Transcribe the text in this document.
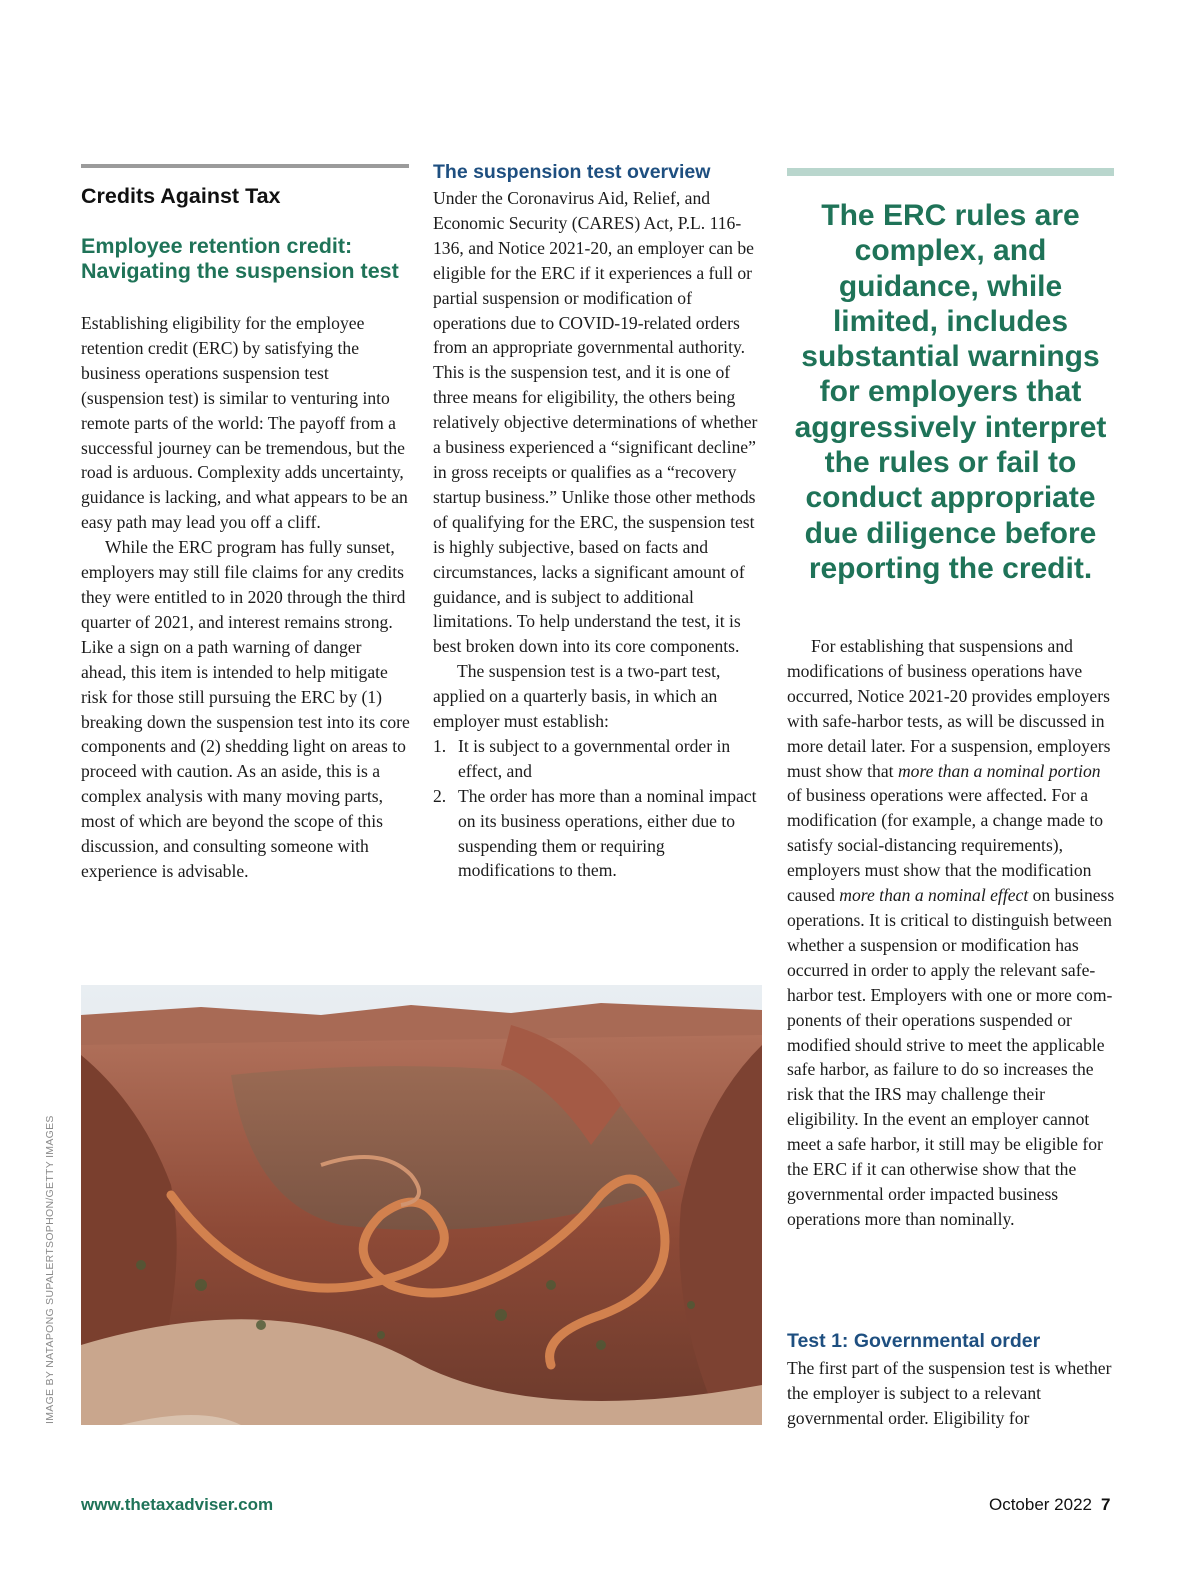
Credits Against Tax
Employee retention credit: Navigating the suspension test

Establishing eligibility for the employee retention credit (ERC) by satisfying the business operations suspension test (suspension test) is similar to venturing into remote parts of the world: The payoff from a successful journey can be tremendous, but the road is arduous. Complexity adds uncertainty, guidance is lacking, and what appears to be an easy path may lead you off a cliff.

While the ERC program has fully sunset, employers may still file claims for any credits they were entitled to in 2020 through the third quarter of 2021, and interest remains strong. Like a sign on a path warning of danger ahead, this item is intended to help mitigate risk for those still pursuing the ERC by (1) breaking down the suspension test into its core components and (2) shedding light on areas to proceed with caution. As an aside, this is a complex analysis with many moving parts, most of which are beyond the scope of this discussion, and consulting someone with experience is advisable.

The suspension test overview

Under the Coronavirus Aid, Relief, and Economic Security (CARES) Act, P.L. 116-136, and Notice 2021-20, an employer can be eligible for the ERC if it experiences a full or partial suspension or modification of operations due to COVID-19-related orders from an appropriate governmental authority. This is the suspension test, and it is one of three means for eligibility, the others being relatively objective determinations of whether a business experienced a “significant decline” in gross receipts or qualifies as a “recovery startup business.” Unlike those other methods of qualifying for the ERC, the suspension test is highly subjective, based on facts and circumstances, lacks a significant amount of guidance, and is subject to additional limitations. To help understand the test, it is best broken down into its core components.

The suspension test is a two-part test, applied on a quarterly basis, in which an employer must establish:

1. It is subject to a governmental order in effect, and
2. The order has more than a nominal impact on its business operations, either due to suspending them or requiring modifications to them.
The ERC rules are complex, and guidance, while limited, includes substantial warnings for employers that aggressively interpret the rules or fail to conduct appropriate due diligence before reporting the credit.

For establishing that suspensions and modifications of business operations have occurred, Notice 2021-20 provides employers with safe-harbor tests, as will be discussed in more detail later. For a suspension, employers must show that more than a nominal portion of business operations were affected. For a modification (for example, a change made to satisfy social-distancing requirements), employers must show that the modification caused more than a nominal effect on business operations. It is critical to distinguish between whether a suspension or modification has occurred in order to apply the relevant safe-harbor test. Employers with one or more components of their operations suspended or modified should strive to meet the applicable safe harbor, as failure to do so increases the risk that the IRS may challenge their eligibility. In the event an employer cannot meet a safe harbor, it still may be eligible for the ERC if it can otherwise show that the governmental order impacted business operations more than nominally.

Test 1: Governmental order

The first part of the suspension test is whether the employer is subject to a relevant governmental order. Eligibility for

IMAGE BY NATAPONG SUPALERTSOPHON/GETTY IMAGES
www.thetaxadviser.com	October 2022 7
